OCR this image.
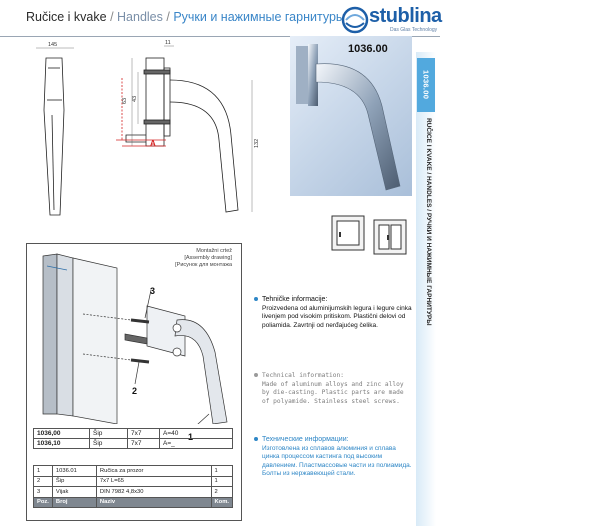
Ručice i kvake / Handles / Ручки и нажимные гарнитуры stublina
Das Glas Technology
145	11
63 43
132
A
1036.00
1036.00
RUČICE I KVAKE / HANDLES / РУЧКИ И НАЖИМНЫЕ ГАРНИТУРЫ
Montažni crtež
[Assembly drawing]
[Рисунок для монтажа
3
2
1
1036,00	Šip	7x7	A=40
1036,10	Šip	7x7	A=_
1	1036.01	Ručica za prozor	1
2	Šip	7x7 L=65	1
3	Vijak	DIN 7982 4,8x30	2
Poz.	Broj	Naziv	Kom.
Tehničke informacije:
Proizvedena od aluminijumskih legura i legure cinka livenjem pod visokim pritiskom. Plastični delovi od poliamida. Zavrtnji od nerđajućeg čelika.
Technical information:
Made of aluminum alloys and zinc alloy by die-casting. Plastic parts are made of polyamide. Stainless steel screws.
Технические информации:
Изготовлена из сплавов алюминия и сплава цинка процессом кастинга под высоким давлением. Пластмассовые части из полиамида. Болты из нержавеющей стали.
